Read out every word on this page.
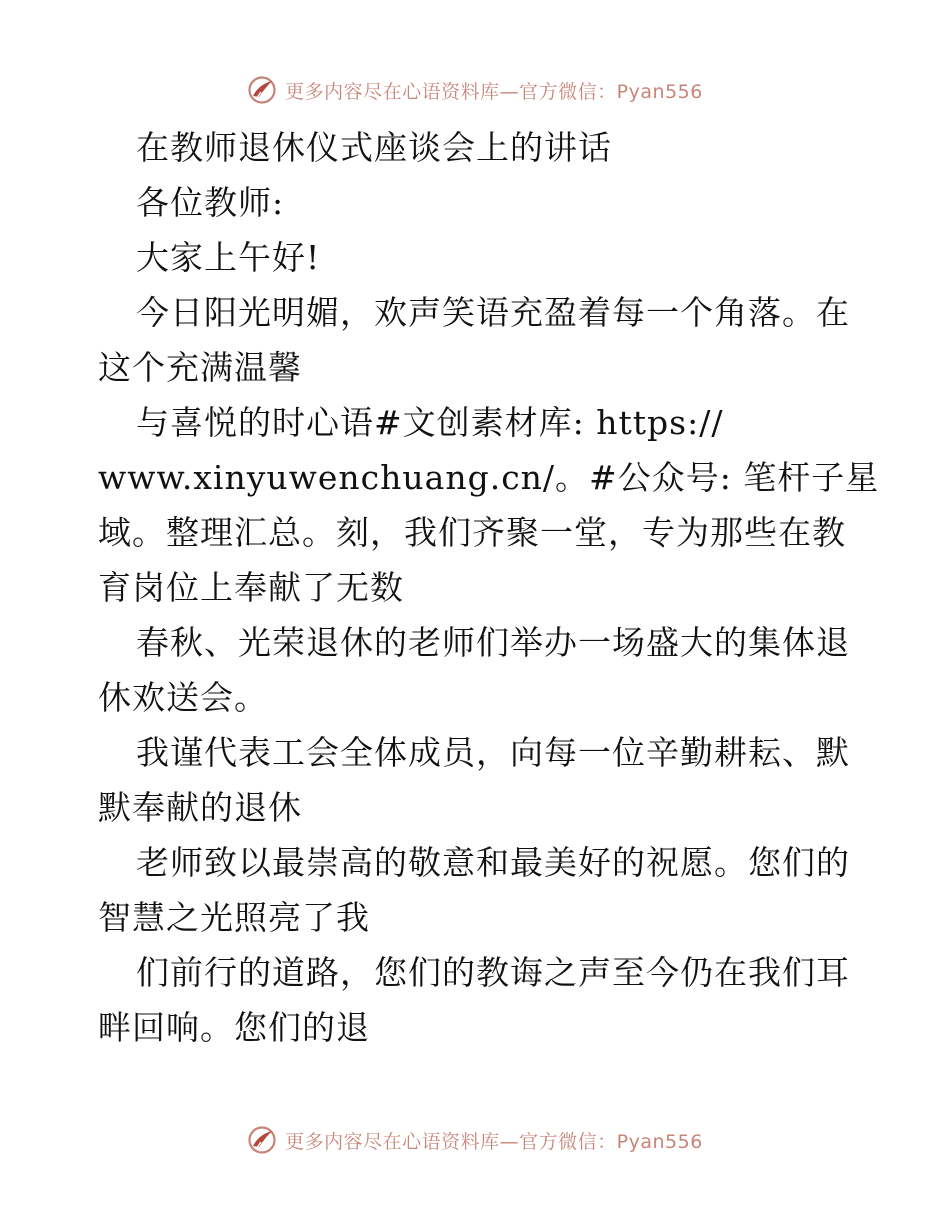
更多内容尽在心语资料库—官方微信：Pyan556
在教师退休仪式座谈会上的讲话
各位教师:
大家上午好!
今日阳光明媚，欢声笑语充盈着每一个角落。在
这个充满温馨
与喜悦的时心语#文创素材库: https://
www.xinyuwenchuang.cn/。#公众号: 笔杆子星
域。整理汇总。刻，我们齐聚一堂，专为那些在教
育岗位上奉献了无数
春秋、光荣退休的老师们举办一场盛大的集体退
休欢送会。
我谨代表工会全体成员，向每一位辛勤耕耘、默
默奉献的退休
老师致以最崇高的敬意和最美好的祝愿。您们的
智慧之光照亮了我
们前行的道路，您们的教诲之声至今仍在我们耳
畔回响。您们的退
更多内容尽在心语资料库—官方微信：Pyan556
